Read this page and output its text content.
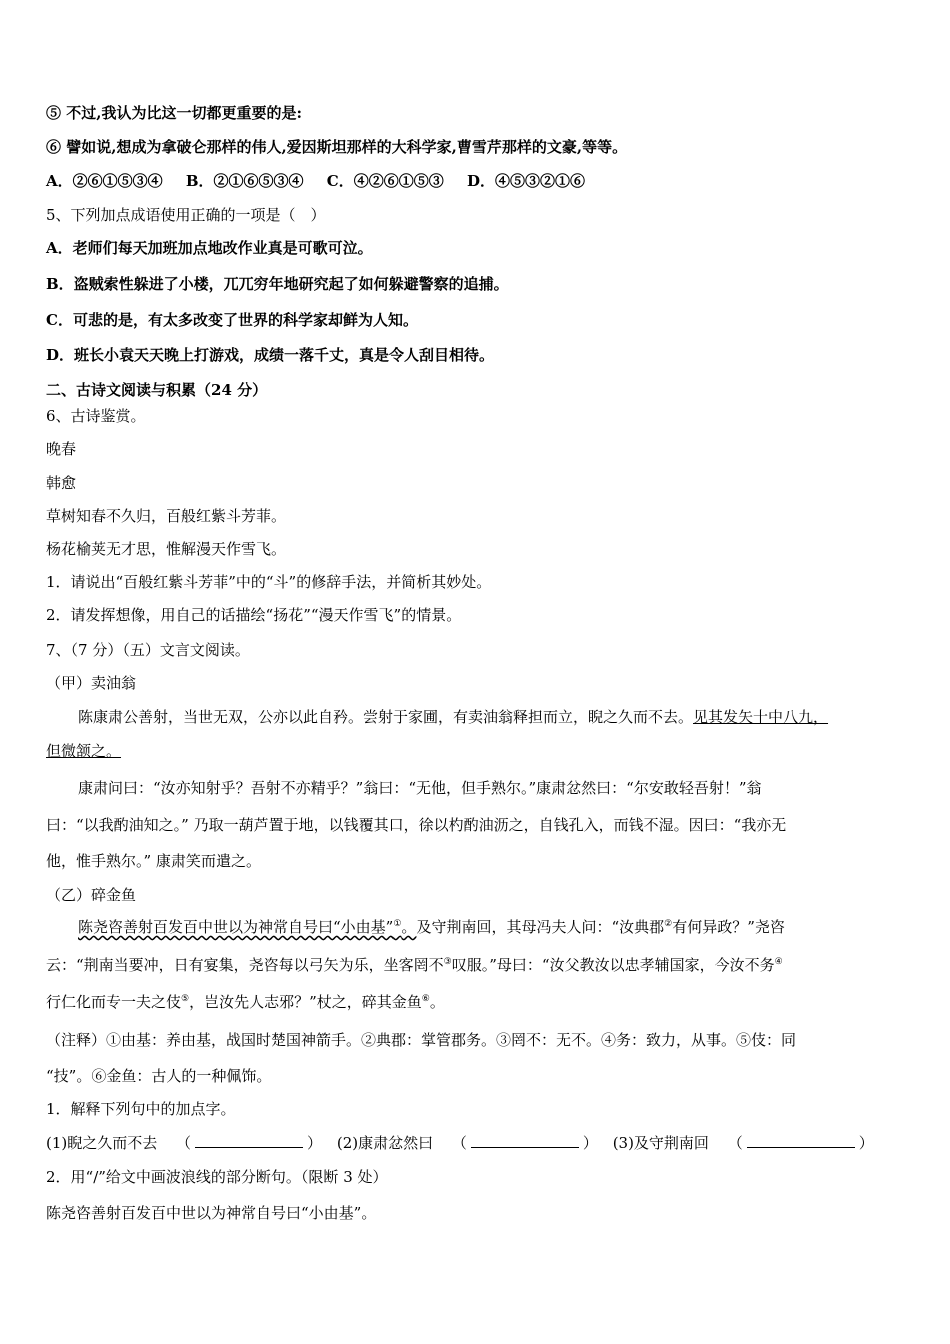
⑤ 不过,我认为比这一切都更重要的是:
⑥ 譬如说,想成为拿破仑那样的伟人,爱因斯坦那样的大科学家,曹雪芹那样的文豪,等等。
A．②⑥①⑤③④ B．②①⑥⑤③④ C．④②⑥①⑤③ D．④⑤③②①⑥
5、下列加点成语使用正确的一项是（　）
A．老师们每天加班加点地改作业真是可歌可泣。
B．盗贼索性躲进了小楼，兀兀穷年地研究起了如何躲避警察的追捕。
C．可悲的是，有太多改变了世界的科学家却鲜为人知。
D．班长小袁天天晚上打游戏，成绩一落千丈，真是令人刮目相待。
二、古诗文阅读与积累（24 分）
6、古诗鉴赏。
晚春
韩愈
草树知春不久归，百般红紫斗芳菲。
杨花榆荚无才思，惟解漫天作雪飞。
1．请说出“百般红紫斗芳菲”中的“斗”的修辞手法，并简析其妙处。
2．请发挥想像，用自己的话描绘“扬花”“漫天作雪飞”的情景。
7、（7 分）（五）文言文阅读。
（甲）卖油翁
陈康肃公善射，当世无双，公亦以此自矜。尝射于家圃，有卖油翁释担而立，睨之久而不去。见其发矢十中八九，
但微颔之。
康肃问曰：“汝亦知射乎？吾射不亦精乎？”翁曰：“无他，但手熟尔。”康肃忿然曰：“尔安敢轻吾射！”翁
曰：“以我酌油知之。” 乃取一葫芦置于地，以钱覆其口，徐以杓酌油沥之，自钱孔入，而钱不湿。因曰：“我亦无
他，惟手熟尔。” 康肃笑而遣之。
（乙）碎金鱼
陈尧咨善射百发百中世以为神常自号曰“小由基”①。及守荆南回，其母冯夫人问：“汝典郡②有何异政？”尧咨
云：“荆南当要冲，日有宴集，尧咨每以弓矢为乐，坐客罔不③叹服。”母曰：“汝父教汝以忠孝辅国家，今汝不务④
行仁化而专一夫之伎⑤，岂汝先人志邪？”杖之，碎其金鱼⑥。
（注释）①由基：养由基，战国时楚国神箭手。②典郡：掌管郡务。③罔不：无不。④务：致力，从事。⑤伎：同
“技”。⑥金鱼：古人的一种佩饰。
1．解释下列句中的加点字。
(1)睨之久而不去 （	） (2)康肃忿然曰 （	） (3)及守荆南回 （	）
2．用“/”给文中画波浪线的部分断句。（限断 3 处）
陈尧咨善射百发百中世以为神常自号曰“小由基”。
